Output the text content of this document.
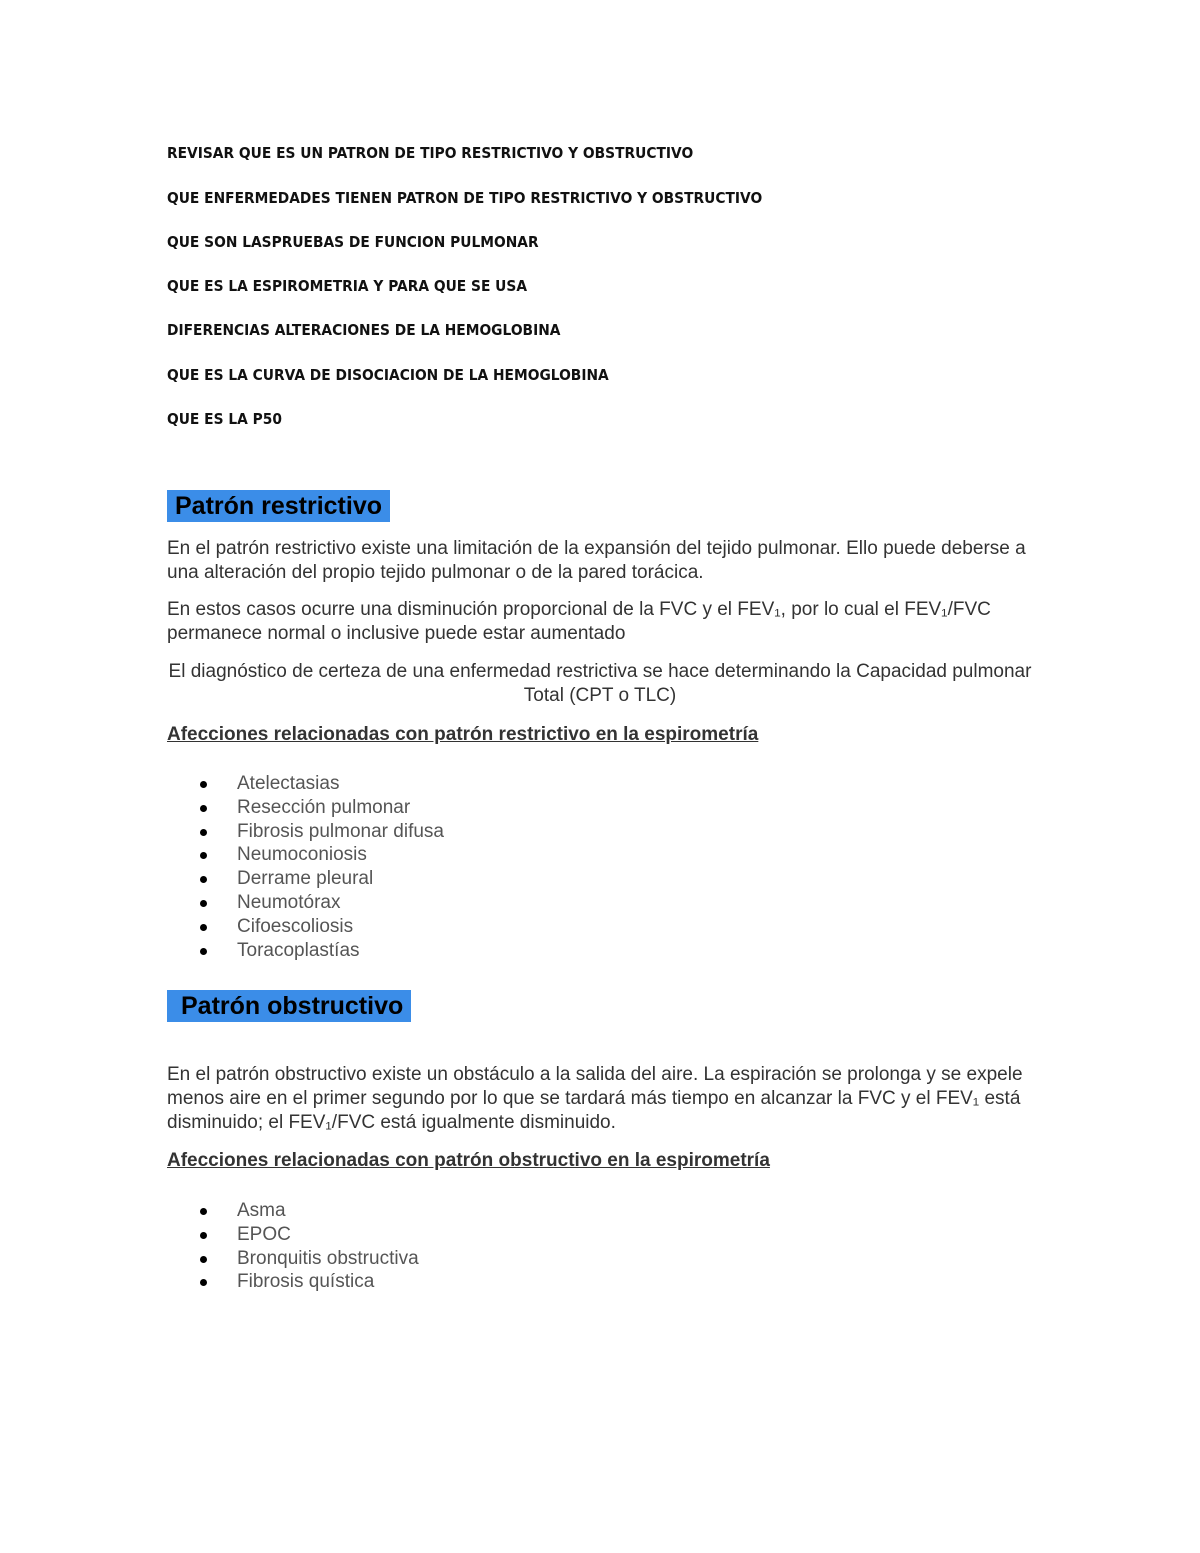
REVISAR QUE ES UN PATRON DE TIPO RESTRICTIVO Y OBSTRUCTIVO

QUE ENFERMEDADES TIENEN PATRON DE TIPO RESTRICTIVO Y OBSTRUCTIVO

QUE SON LASPRUEBAS DE FUNCION PULMONAR

QUE ES LA ESPIROMETRIA Y PARA QUE SE USA

DIFERENCIAS ALTERACIONES DE LA HEMOGLOBINA

QUE ES LA CURVA DE DISOCIACION DE LA HEMOGLOBINA

QUE ES LA P50

Patrón restrictivo

En el patrón restrictivo existe una limitación de la expansión del tejido pulmonar. Ello puede deberse a una alteración del propio tejido pulmonar o de la pared torácica.

En estos casos ocurre una disminución proporcional de la FVC y el FEV₁, por lo cual el FEV₁/FVC permanece normal o inclusive puede estar aumentado

El diagnóstico de certeza de una enfermedad restrictiva se hace determinando la Capacidad pulmonar Total (CPT o TLC)

Afecciones relacionadas con patrón restrictivo en la espirometría

Atelectasias
Resección pulmonar
Fibrosis pulmonar difusa
Neumoconiosis
Derrame pleural
Neumotórax
Cifoescoliosis
Toracoplastías
Patrón obstructivo

En el patrón obstructivo existe un obstáculo a la salida del aire. La espiración se prolonga y se expele menos aire en el primer segundo por lo que se tardará más tiempo en alcanzar la FVC y el FEV₁ está disminuido; el FEV₁/FVC está igualmente disminuido.

Afecciones relacionadas con patrón obstructivo en la espirometría

Asma
EPOC
Bronquitis obstructiva
Fibrosis quística
